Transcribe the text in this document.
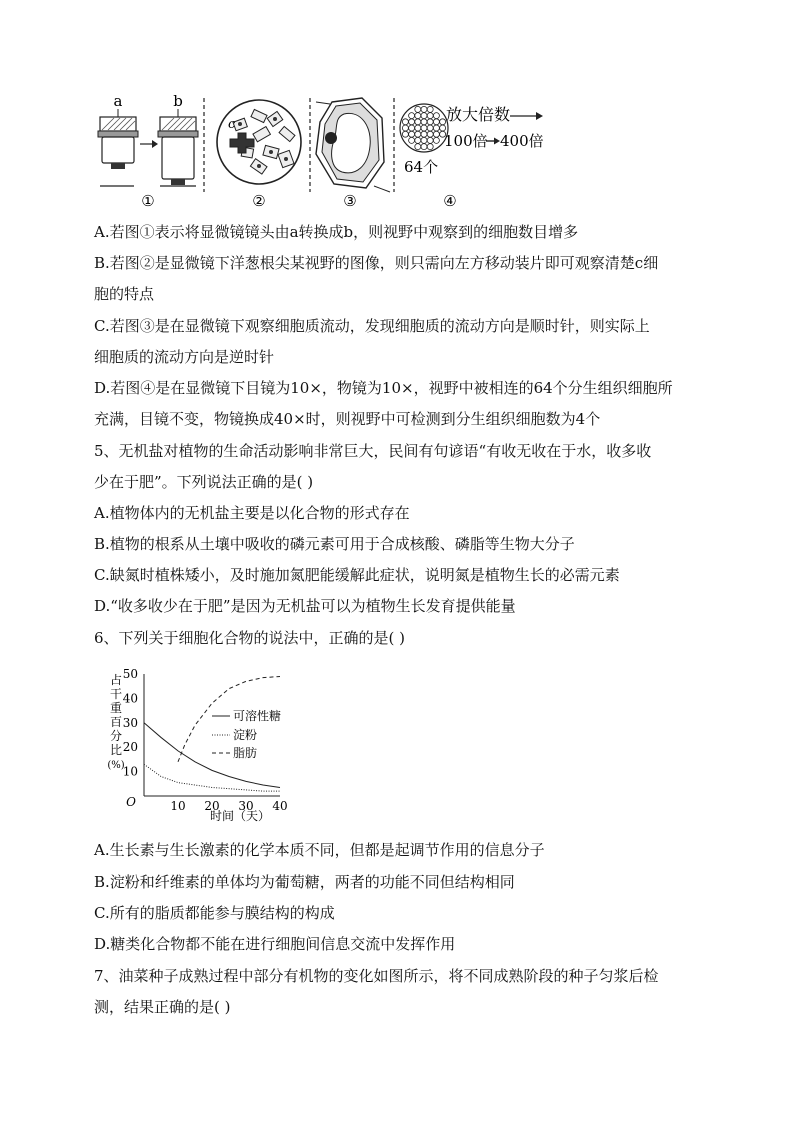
a	b
①
c
②	③
64个
放大倍数
100倍 400倍
④
A.若图①表示将显微镜镜头由a转换成b，则视野中观察到的细胞数目增多
B.若图②是显微镜下洋葱根尖某视野的图像，则只需向左方移动装片即可观察清楚c细
胞的特点
C.若图③是在显微镜下观察细胞质流动，发现细胞质的流动方向是顺时针，则实际上
细胞质的流动方向是逆时针
D.若图④是在显微镜下目镜为10×，物镜为10×，视野中被相连的64个分生组织细胞所
充满，目镜不变，物镜换成40×时，则视野中可检测到分生组织细胞数为4个
5、无机盐对植物的生命活动影响非常巨大，民间有句谚语“有收无收在于水，收多收
少在于肥”。下列说法正确的是( )
A.植物体内的无机盐主要是以化合物的形式存在
B.植物的根系从土壤中吸收的磷元素可用于合成核酸、磷脂等生物大分子
C.缺氮时植株矮小，及时施加氮肥能缓解此症状，说明氮是植物生长的必需元素
D.“收多收少在于肥”是因为无机盐可以为植物生长发育提供能量
6、下列关于细胞化合物的说法中，正确的是( )
占
干
重
百
分
比
(%)
O
10
20
30
40
50
10 20 30 40
时间（天）
可溶性糖
淀粉
脂肪
A.生长素与生长激素的化学本质不同，但都是起调节作用的信息分子
B.淀粉和纤维素的单体均为葡萄糖，两者的功能不同但结构相同
C.所有的脂质都能参与膜结构的构成
D.糖类化合物都不能在进行细胞间信息交流中发挥作用
7、油菜种子成熟过程中部分有机物的变化如图所示，将不同成熟阶段的种子匀浆后检
测，结果正确的是( )
